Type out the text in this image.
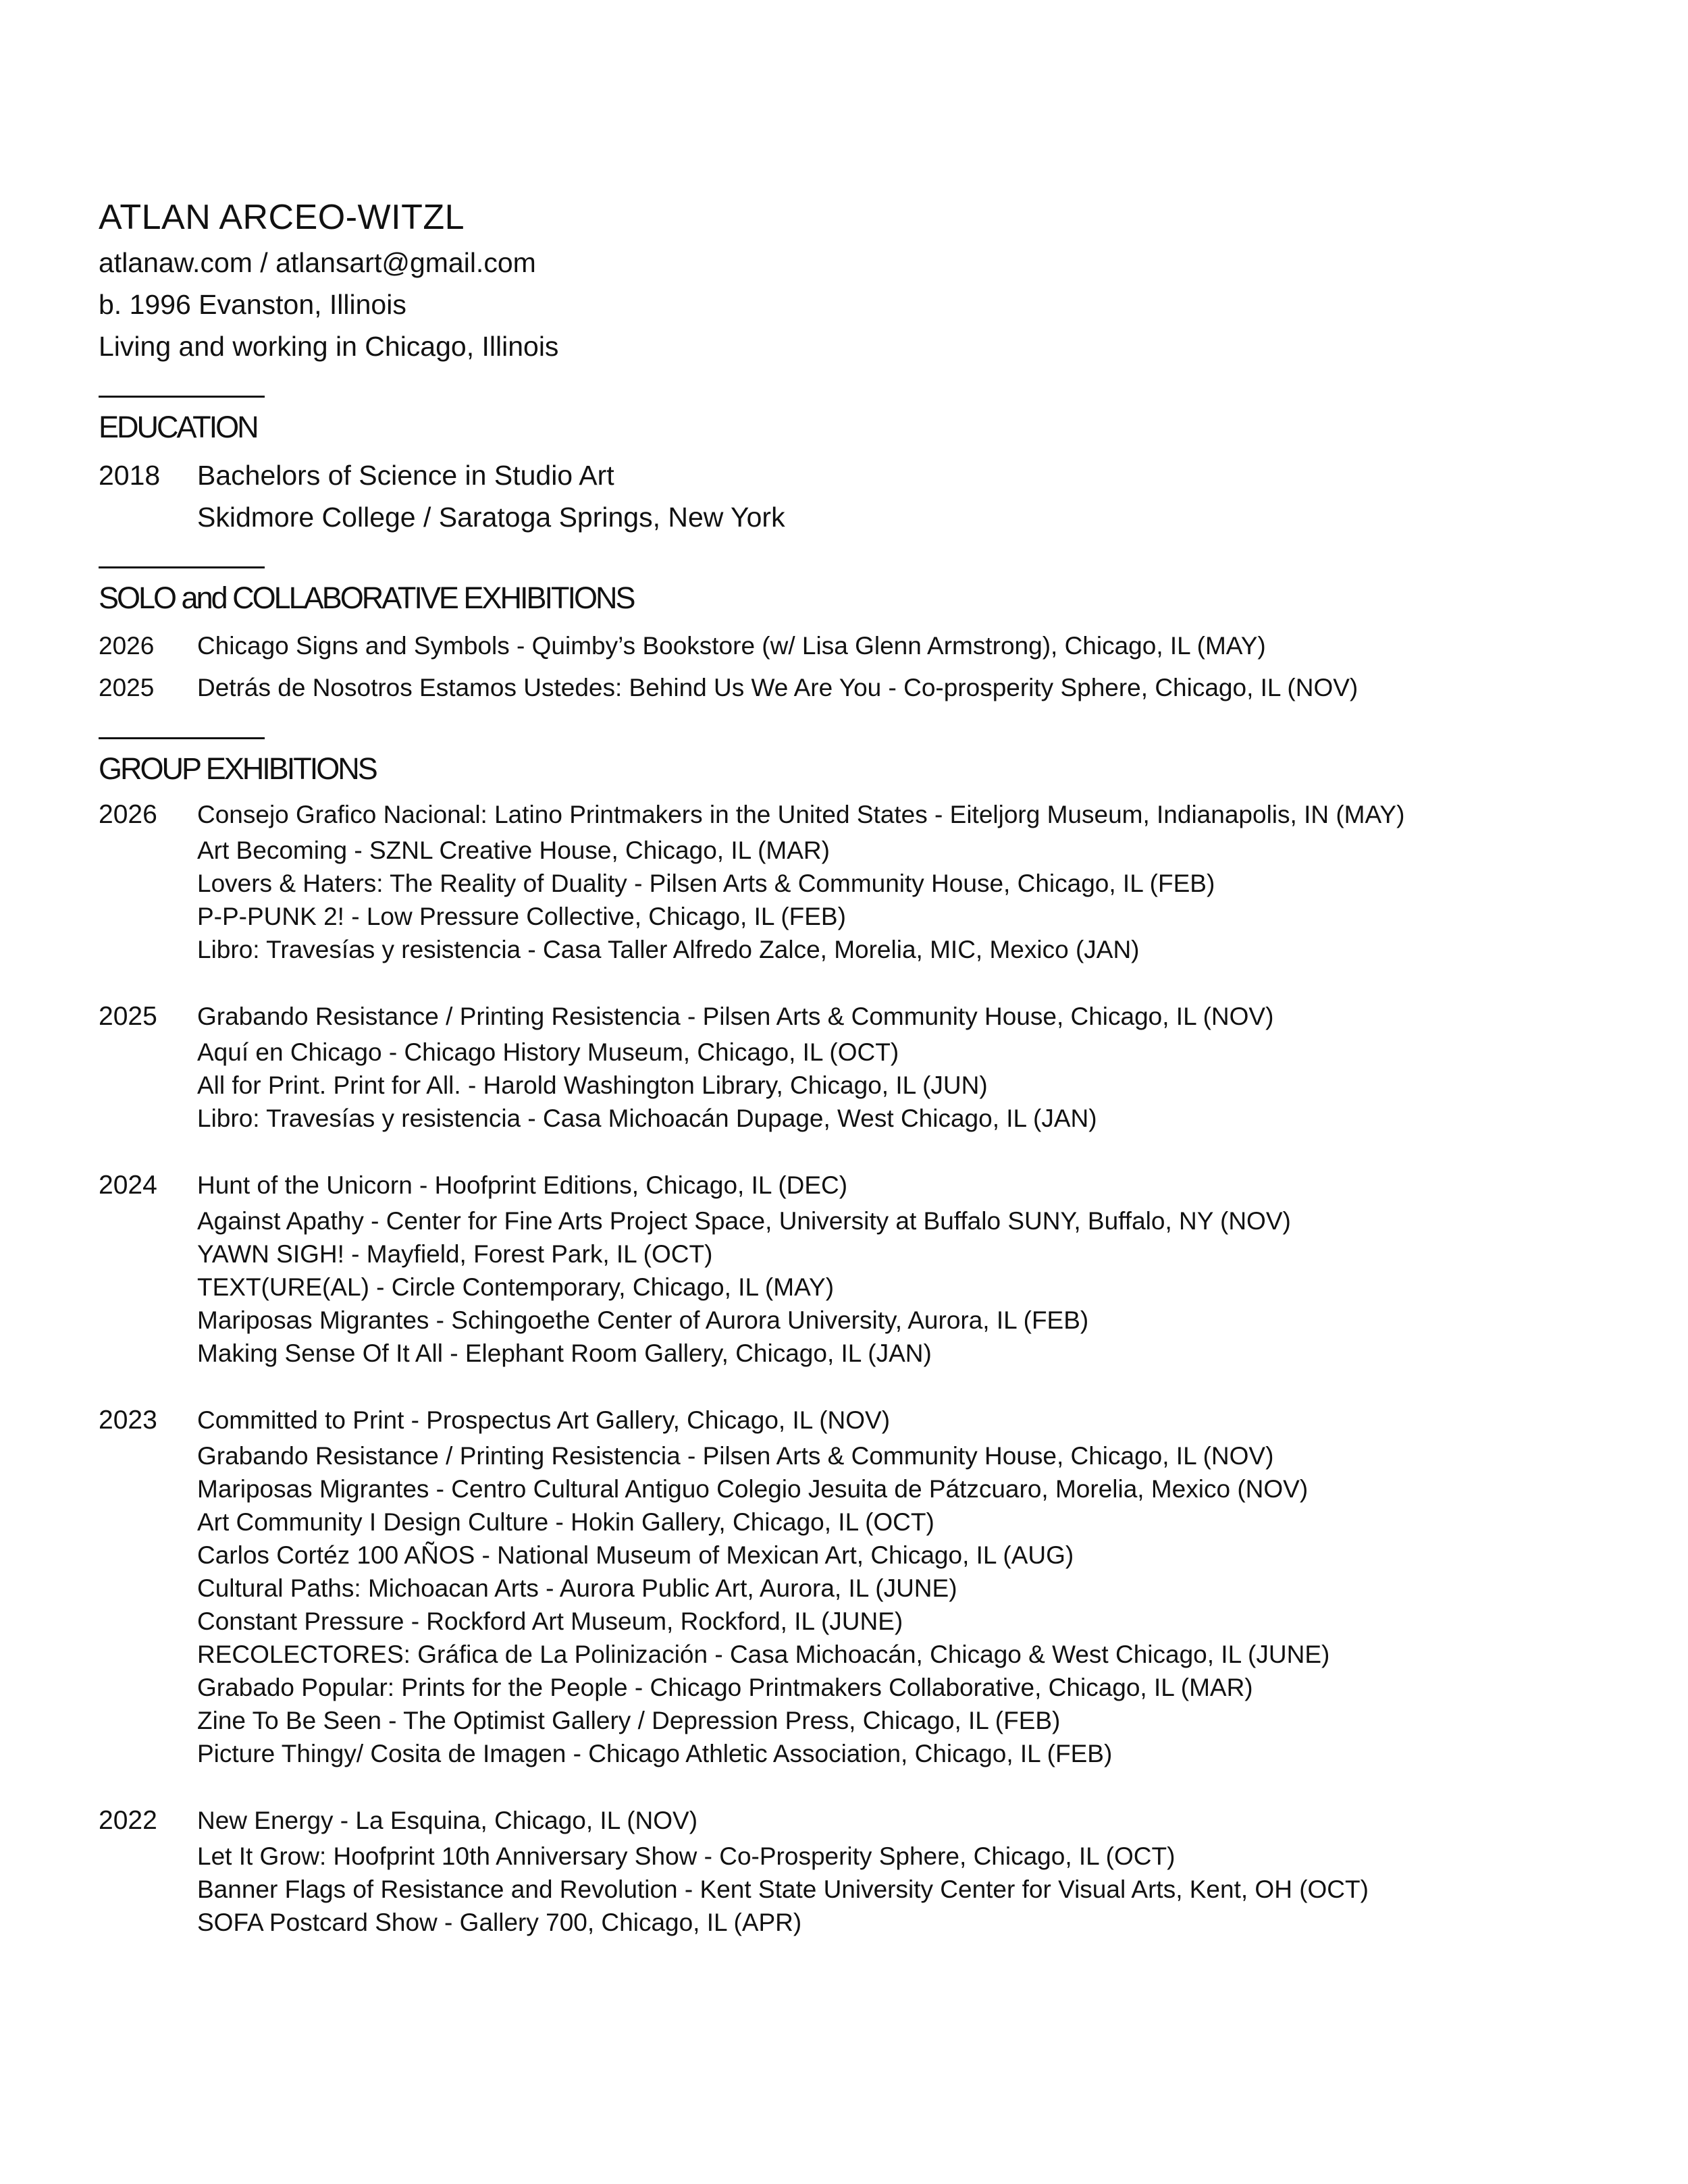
ATLAN ARCEO-WITZL
atlanaw.com / atlansart@gmail.com
b. 1996 Evanston, Illinois
Living and working in Chicago, Illinois
EDUCATION
2018	Bachelors of Science in Studio Art
Skidmore College / Saratoga Springs, New York
SOLO and COLLABORATIVE EXHIBITIONS
2026	Chicago Signs and Symbols - Quimby’s Bookstore (w/ Lisa Glenn Armstrong), Chicago, IL (MAY)
2025	Detrás de Nosotros Estamos Ustedes: Behind Us We Are You - Co-prosperity Sphere, Chicago, IL (NOV)
GROUP EXHIBITIONS
2026	Consejo Grafico Nacional: Latino Printmakers in the United States - Eiteljorg Museum, Indianapolis, IN (MAY)
Art Becoming - SZNL Creative House, Chicago, IL (MAR)
Lovers & Haters: The Reality of Duality - Pilsen Arts & Community House, Chicago, IL (FEB)
P-P-PUNK 2! - Low Pressure Collective, Chicago, IL (FEB)
Libro: Travesías y resistencia - Casa Taller Alfredo Zalce, Morelia, MIC, Mexico (JAN)
2025	Grabando Resistance / Printing Resistencia - Pilsen Arts & Community House, Chicago, IL (NOV)
Aquí en Chicago - Chicago History Museum, Chicago, IL (OCT)
All for Print. Print for All. - Harold Washington Library, Chicago, IL (JUN)
Libro: Travesías y resistencia - Casa Michoacán Dupage, West Chicago, IL (JAN)
2024	Hunt of the Unicorn - Hoofprint Editions, Chicago, IL (DEC)
Against Apathy - Center for Fine Arts Project Space, University at Buffalo SUNY, Buffalo, NY (NOV)
YAWN SIGH! - Mayfield, Forest Park, IL (OCT)
TEXT(URE(AL) - Circle Contemporary, Chicago, IL (MAY)
Mariposas Migrantes - Schingoethe Center of Aurora University, Aurora, IL (FEB)
Making Sense Of It All - Elephant Room Gallery, Chicago, IL (JAN)
2023	Committed to Print - Prospectus Art Gallery, Chicago, IL (NOV)
Grabando Resistance / Printing Resistencia - Pilsen Arts & Community House, Chicago, IL (NOV)
Mariposas Migrantes - Centro Cultural Antiguo Colegio Jesuita de Pátzcuaro, Morelia, Mexico (NOV)
Art Community I Design Culture - Hokin Gallery, Chicago, IL (OCT)
Carlos Cortéz 100 AÑOS - National Museum of Mexican Art, Chicago, IL (AUG)
Cultural Paths: Michoacan Arts - Aurora Public Art, Aurora, IL (JUNE)
Constant Pressure - Rockford Art Museum, Rockford, IL (JUNE)
RECOLECTORES: Gráfica de La Polinización - Casa Michoacán, Chicago & West Chicago, IL (JUNE)
Grabado Popular: Prints for the People - Chicago Printmakers Collaborative, Chicago, IL (MAR)
Zine To Be Seen - The Optimist Gallery / Depression Press, Chicago, IL (FEB)
Picture Thingy/ Cosita de Imagen - Chicago Athletic Association, Chicago, IL (FEB)
2022	New Energy - La Esquina, Chicago, IL (NOV)
Let It Grow: Hoofprint 10th Anniversary Show - Co-Prosperity Sphere, Chicago, IL (OCT)
Banner Flags of Resistance and Revolution - Kent State University Center for Visual Arts, Kent, OH (OCT)
SOFA Postcard Show - Gallery 700, Chicago, IL (APR)
